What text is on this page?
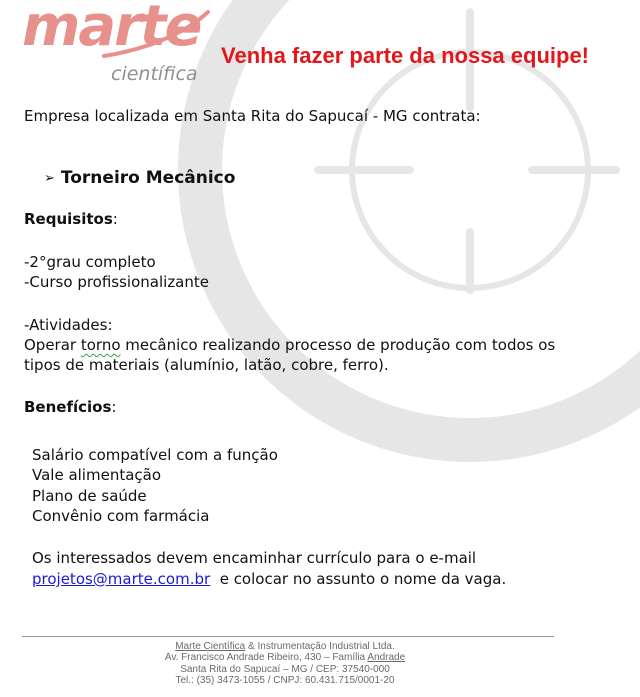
marte
científica
Venha fazer parte da nossa equipe!
Empresa localizada em Santa Rita do Sapucaí - MG contrata:
➢ Torneiro Mecânico
Requisitos:
-2°grau completo
-Curso profissionalizante
-Atividades:
Operar torno mecânico realizando processo de produção com todos os
tipos de materiais (alumínio, latão, cobre, ferro).
Benefícios:
Salário compatível com a função
Vale alimentação
Plano de saúde
Convênio com farmácia
Os interessados devem encaminhar currículo para o e-mail
projetos@marte.com.br  e colocar no assunto o nome da vaga.
Marte Científica & Instrumentação Industrial Ltda.
Av. Francisco Andrade Ribeiro, 430 – Família Andrade
Santa Rita do Sapucaí – MG / CEP: 37540-000
Tel.: (35) 3473-1055 / CNPJ: 60.431.715/0001-20
